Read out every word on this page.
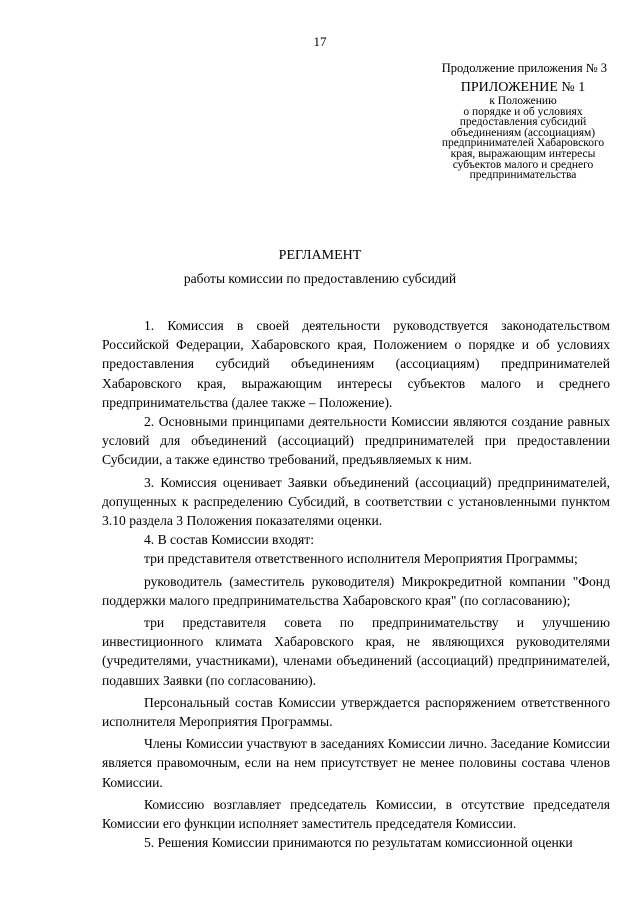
17
Продолжение приложения № 3
ПРИЛОЖЕНИЕ № 1
к Положению
о порядке и об условиях
предоставления субсидий
объединениям (ассоциациям)
предпринимателей Хабаровского
края, выражающим интересы
субъектов малого и среднего
предпринимательства
РЕГЛАМЕНТ
работы комиссии по предоставлению субсидий

1. Комиссия в своей деятельности руководствуется законодательством Российской Федерации, Хабаровского края, Положением о порядке и об условиях предоставления субсидий объединениям (ассоциациям) предпринимателей Хабаровского края, выражающим интересы субъектов малого и среднего предпринимательства (далее также – Положение).

2. Основными принципами деятельности Комиссии являются создание равных условий для объединений (ассоциаций) предпринимателей при предоставлении Субсидии, а также единство требований, предъявляемых к ним.

3. Комиссия оценивает Заявки объединений (ассоциаций) предпринимателей, допущенных к распределению Субсидий, в соответствии с установленными пунктом 3.10 раздела 3 Положения показателями оценки.

4. В состав Комиссии входят:

три представителя ответственного исполнителя Мероприятия Программы;

руководитель (заместитель руководителя) Микрокредитной компании "Фонд поддержки малого предпринимательства Хабаровского края" (по согласованию);

три представителя совета по предпринимательству и улучшению инвестиционного климата Хабаровского края, не являющихся руководителями (учредителями, участниками), членами объединений (ассоциаций) предпринимателей, подавших Заявки (по согласованию).

Персональный состав Комиссии утверждается распоряжением ответственного исполнителя Мероприятия Программы.

Члены Комиссии участвуют в заседаниях Комиссии лично. Заседание Комиссии является правомочным, если на нем присутствует не менее половины состава членов Комиссии.

Комиссию возглавляет председатель Комиссии, в отсутствие председателя Комиссии его функции исполняет заместитель председателя Комиссии.

5. Решения Комиссии принимаются по результатам комиссионной оценки
